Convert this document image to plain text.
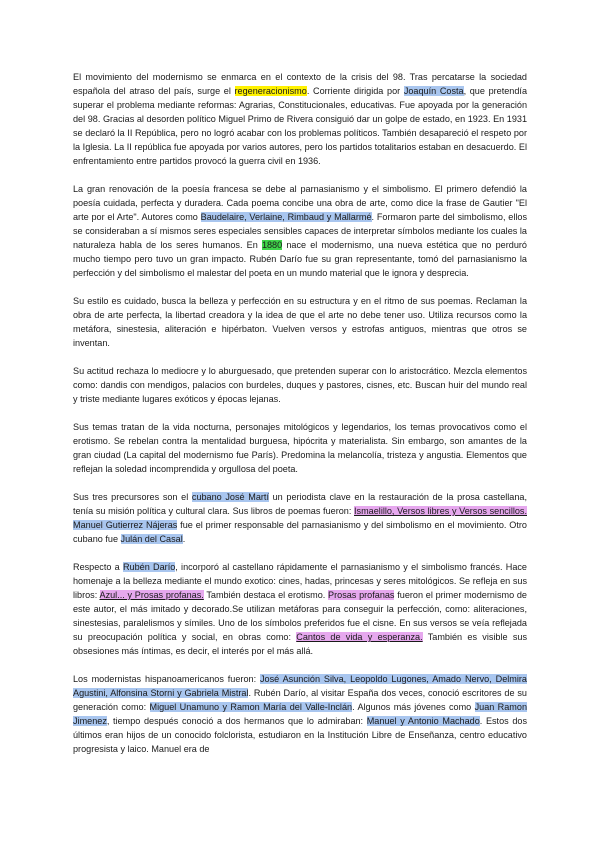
El movimiento del modernismo se enmarca en el contexto de la crisis del 98. Tras percatarse la sociedad española del atraso del país, surge el regeneracionismo. Corriente dirigida por Joaquín Costa, que pretendía superar el problema mediante reformas: Agrarias, Constitucionales, educativas. Fue apoyada por la generación del 98. Gracias al desorden político Miguel Primo de Rivera consiguió dar un golpe de estado, en 1923. En 1931 se declaró la II República, pero no logró acabar con los problemas políticos. También desapareció el respeto por la Iglesia. La II república fue apoyada por varios autores, pero los partidos totalitarios estaban en desacuerdo. El enfrentamiento entre partidos provocó la guerra civil en 1936.

La gran renovación de la poesía francesa se debe al parnasianismo y el simbolismo. El primero defendió la poesía cuidada, perfecta y duradera. Cada poema concibe una obra de arte, como dice la frase de Gautier "El arte por el Arte". Autores como Baudelaire, Verlaine, Rimbaud y Mallarmé. Formaron parte del simbolismo, ellos se consideraban a sí mismos seres especiales sensibles capaces de interpretar símbolos mediante los cuales la naturaleza habla de los seres humanos. En 1880 nace el modernismo, una nueva estética que no perduró mucho tiempo pero tuvo un gran impacto. Rubén Darío fue su gran representante, tomó del parnasianismo la perfección y del simbolismo el malestar del poeta en un mundo material que le ignora y desprecia.

Su estilo es cuidado, busca la belleza y perfección en su estructura y en el ritmo de sus poemas. Reclaman la obra de arte perfecta, la libertad creadora y la idea de que el arte no debe tener uso. Utiliza recursos como la metáfora, sinestesia, aliteración e hipérbaton. Vuelven versos y estrofas antiguos, mientras que otros se inventan.

Su actitud rechaza lo mediocre y lo aburguesado, que pretenden superar con lo aristocrático. Mezcla elementos como: dandis con mendigos, palacios con burdeles, duques y pastores, cisnes, etc. Buscan huir del mundo real y triste mediante lugares exóticos y épocas lejanas.

Sus temas tratan de la vida nocturna, personajes mitológicos y legendarios, los temas provocativos como el erotismo. Se rebelan contra la mentalidad burguesa, hipócrita y materialista. Sin embargo, son amantes de la gran ciudad (La capital del modernismo fue París). Predomina la melancolía, tristeza y angustia. Elementos que reflejan la soledad incomprendida y orgullosa del poeta.

Sus tres precursores son el cubano José Martí un periodista clave en la restauración de la prosa castellana, tenía su misión política y cultural clara. Sus libros de poemas fueron: Ismaelillo, Versos libres y Versos sencillos. Manuel Gutierrez Nájeras fue el primer responsable del parnasianismo y del simbolismo en el movimiento. Otro cubano fue Julán del Casal.

Respecto a Rubén Darío, incorporó al castellano rápidamente el parnasianismo y el simbolismo francés. Hace homenaje a la belleza mediante el mundo exotico: cines, hadas, princesas y seres mitológicos. Se refleja en sus libros: Azul... y Prosas profanas. También destaca el erotismo. Prosas profanas fueron el primer modernismo de este autor, el más imitado y decorado.Se utilizan metáforas para conseguir la perfección, como: aliteraciones, sinestesias, paralelismos y símiles. Uno de los símbolos preferidos fue el cisne. En sus versos se veía reflejada su preocupación política y social, en obras como: Cantos de vida y esperanza. También es visible sus obsesiones más íntimas, es decir, el interés por el más allá.

Los modernistas hispanoamericanos fueron: José Asunción Silva, Leopoldo Lugones, Amado Nervo, Delmira Agustini, Alfonsina Storni y Gabriela Mistral. Rubén Darío, al visitar España dos veces, conoció escritores de su generación como: Miguel Unamuno y Ramon María del Valle-Inclán. Algunos más jóvenes como Juan Ramon Jimenez, tiempo después conoció a dos hermanos que lo admiraban: Manuel y Antonio Machado. Estos dos últimos eran hijos de un conocido folclorista, estudiaron en la Institución Libre de Enseñanza, centro educativo progresista y laico. Manuel era de
